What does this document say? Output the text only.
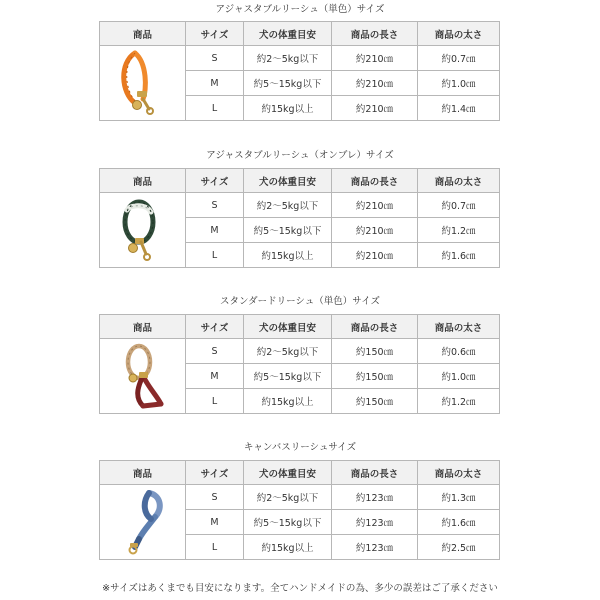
アジャスタブルリーシュ（単色）サイズ
商品	サイズ	犬の体重目安	商品の長さ	商品の太さ

	S	約2〜5kg以下	約210㎝	約0.7㎝
	M	約5〜15kg以下	約210㎝	約1.0㎝
	L	約15kg以上	約210㎝	約1.4㎝
アジャスタブルリーシュ（オンブレ）サイズ
商品	サイズ	犬の体重目安	商品の長さ	商品の太さ

	S	約2〜5kg以下	約210㎝	約0.7㎝
	M	約5〜15kg以下	約210㎝	約1.2㎝
	L	約15kg以上	約210㎝	約1.6㎝
スタンダードリーシュ（単色）サイズ
商品	サイズ	犬の体重目安	商品の長さ	商品の太さ

	S	約2〜5kg以下	約150㎝	約0.6㎝
	M	約5〜15kg以下	約150㎝	約1.0㎝
	L	約15kg以上	約150㎝	約1.2㎝
キャンバスリーシュサイズ
商品	サイズ	犬の体重目安	商品の長さ	商品の太さ

	S	約2〜5kg以下	約123㎝	約1.3㎝
	M	約5〜15kg以下	約123㎝	約1.6㎝
	L	約15kg以上	約123㎝	約2.5㎝
※サイズはあくまでも目安になります。全てハンドメイドの為、多少の誤差はご了承ください
